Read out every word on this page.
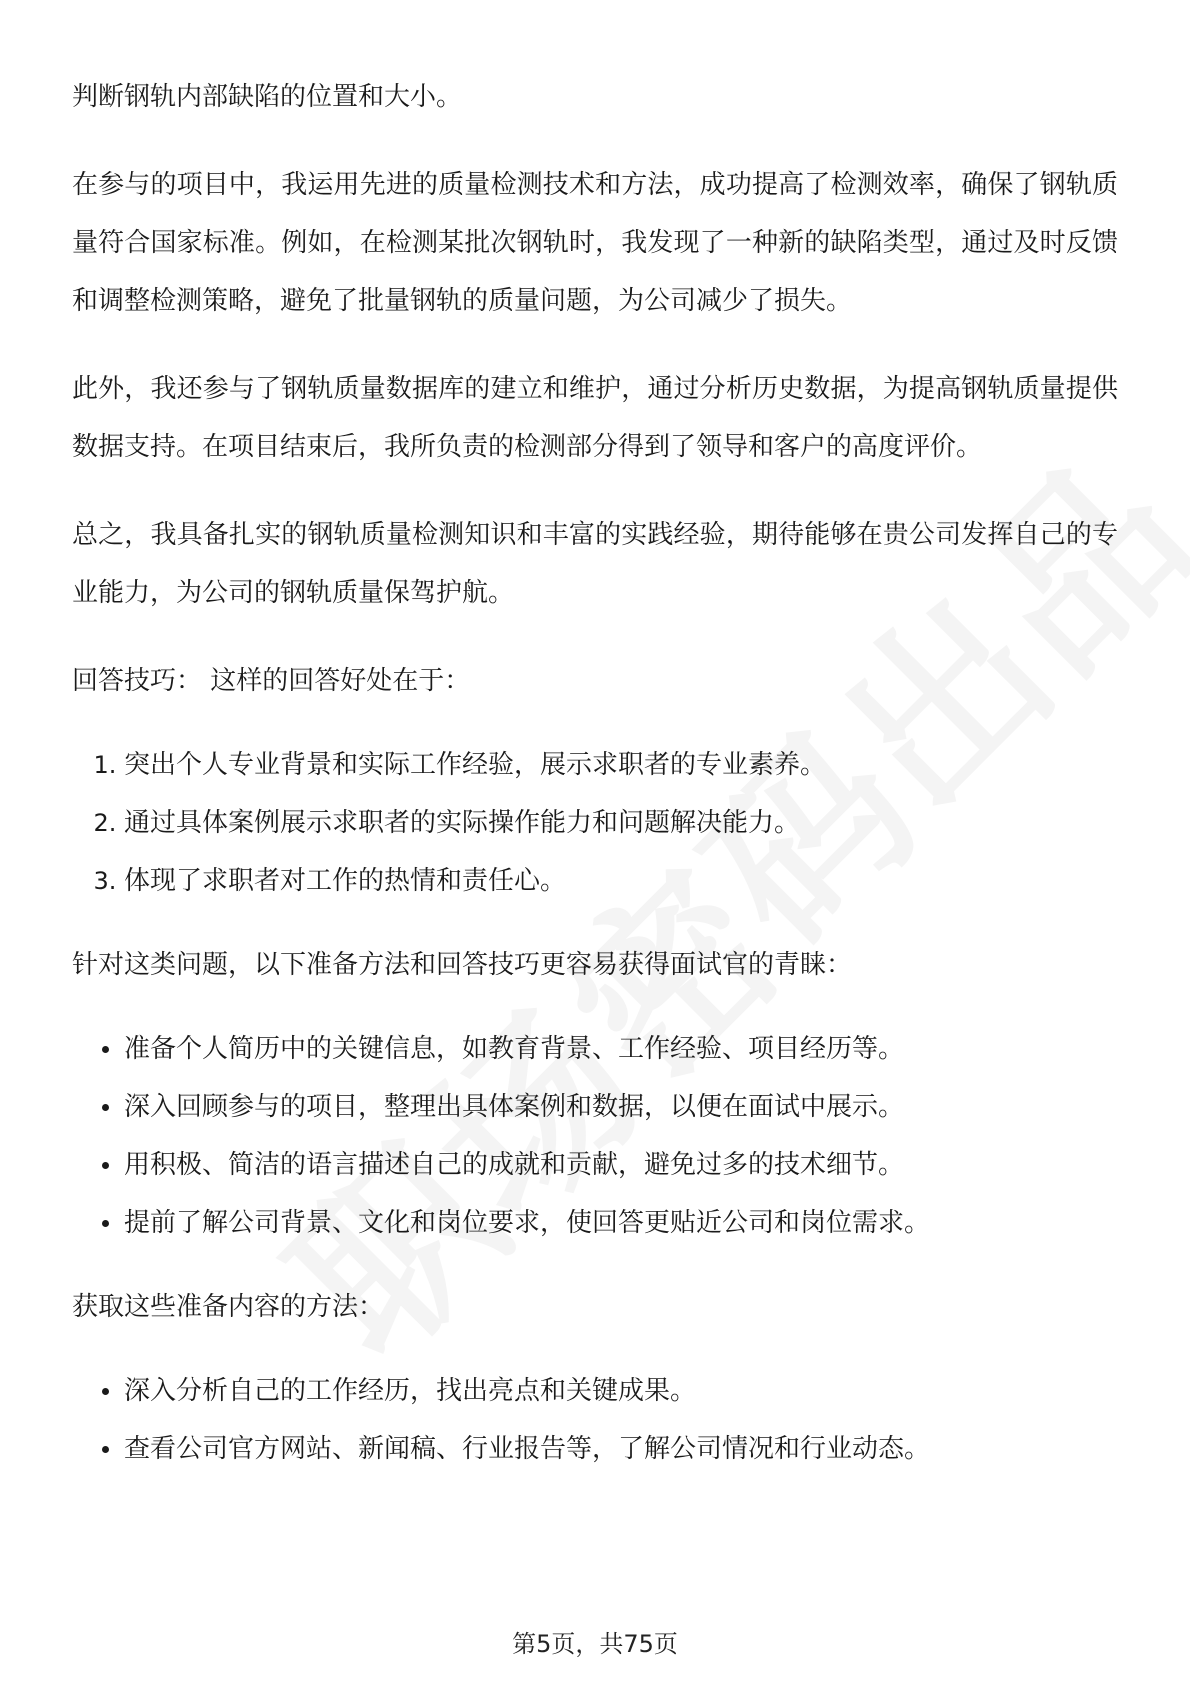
判断钢轨内部缺陷的位置和大小。

在参与的项目中，我运用先进的质量检测技术和方法，成功提高了检测效率，确保了钢轨质量符合国家标准。例如，在检测某批次钢轨时，我发现了一种新的缺陷类型，通过及时反馈和调整检测策略，避免了批量钢轨的质量问题，为公司减少了损失。

此外，我还参与了钢轨质量数据库的建立和维护，通过分析历史数据，为提高钢轨质量提供数据支持。在项目结束后，我所负责的检测部分得到了领导和客户的高度评价。

总之，我具备扎实的钢轨质量检测知识和丰富的实践经验，期待能够在贵公司发挥自己的专业能力，为公司的钢轨质量保驾护航。

回答技巧： 这样的回答好处在于：

1. 突出个人专业背景和实际工作经验，展示求职者的专业素养。
2. 通过具体案例展示求职者的实际操作能力和问题解决能力。
3. 体现了求职者对工作的热情和责任心。

针对这类问题，以下准备方法和回答技巧更容易获得面试官的青睐：

准备个人简历中的关键信息，如教育背景、工作经验、项目经历等。
深入回顾参与的项目，整理出具体案例和数据，以便在面试中展示。
用积极、简洁的语言描述自己的成就和贡献，避免过多的技术细节。
提前了解公司背景、文化和岗位要求，使回答更贴近公司和岗位需求。

获取这些准备内容的方法：

深入分析自己的工作经历，找出亮点和关键成果。
查看公司官方网站、新闻稿、行业报告等，了解公司情况和行业动态。
第5页，共75页
